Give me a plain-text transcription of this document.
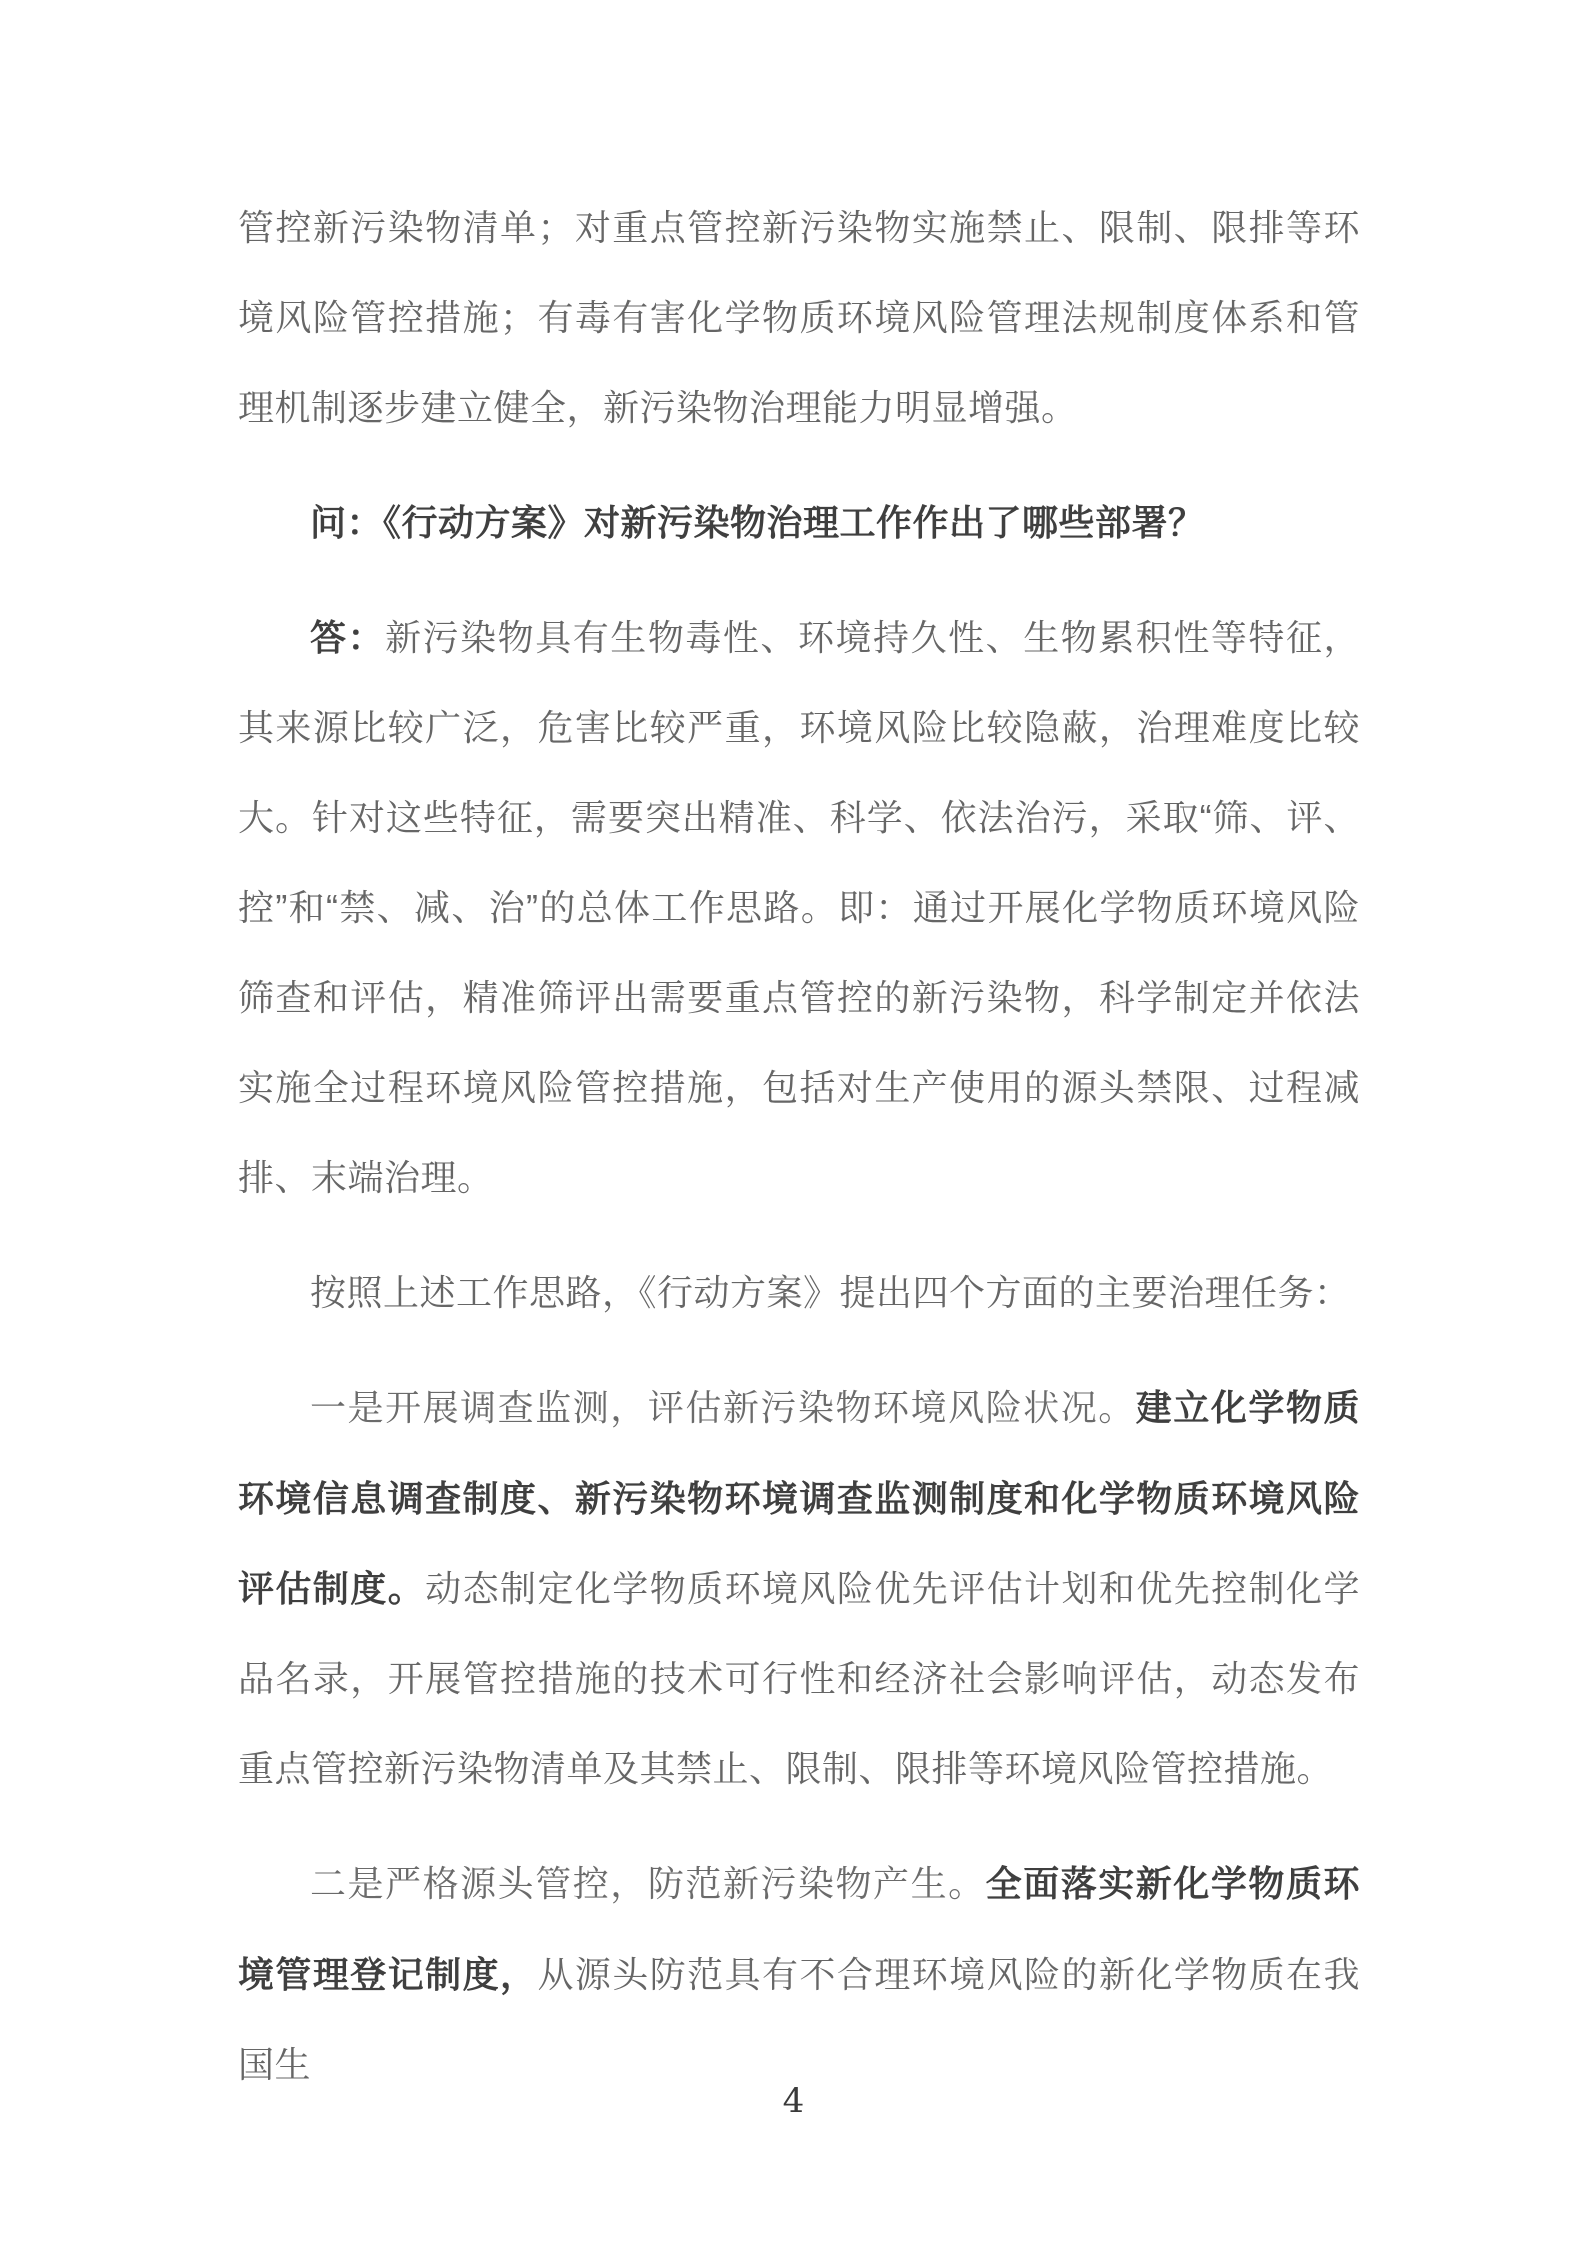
管控新污染物清单；对重点管控新污染物实施禁止、限制、限排等环境风险管控措施；有毒有害化学物质环境风险管理法规制度体系和管理机制逐步建立健全，新污染物治理能力明显增强。

问：《行动方案》对新污染物治理工作作出了哪些部署？

答：新污染物具有生物毒性、环境持久性、生物累积性等特征，其来源比较广泛，危害比较严重，环境风险比较隐蔽，治理难度比较大。针对这些特征，需要突出精准、科学、依法治污，采取“筛、评、控”和“禁、减、治”的总体工作思路。即：通过开展化学物质环境风险筛查和评估，精准筛评出需要重点管控的新污染物，科学制定并依法实施全过程环境风险管控措施，包括对生产使用的源头禁限、过程减排、末端治理。

按照上述工作思路，《行动方案》提出四个方面的主要治理任务：

一是开展调查监测，评估新污染物环境风险状况。建立化学物质环境信息调查制度、新污染物环境调查监测制度和化学物质环境风险评估制度。动态制定化学物质环境风险优先评估计划和优先控制化学品名录，开展管控措施的技术可行性和经济社会影响评估，动态发布重点管控新污染物清单及其禁止、限制、限排等环境风险管控措施。

二是严格源头管控，防范新污染物产生。全面落实新化学物质环境管理登记制度，从源头防范具有不合理环境风险的新化学物质在我国生

4
